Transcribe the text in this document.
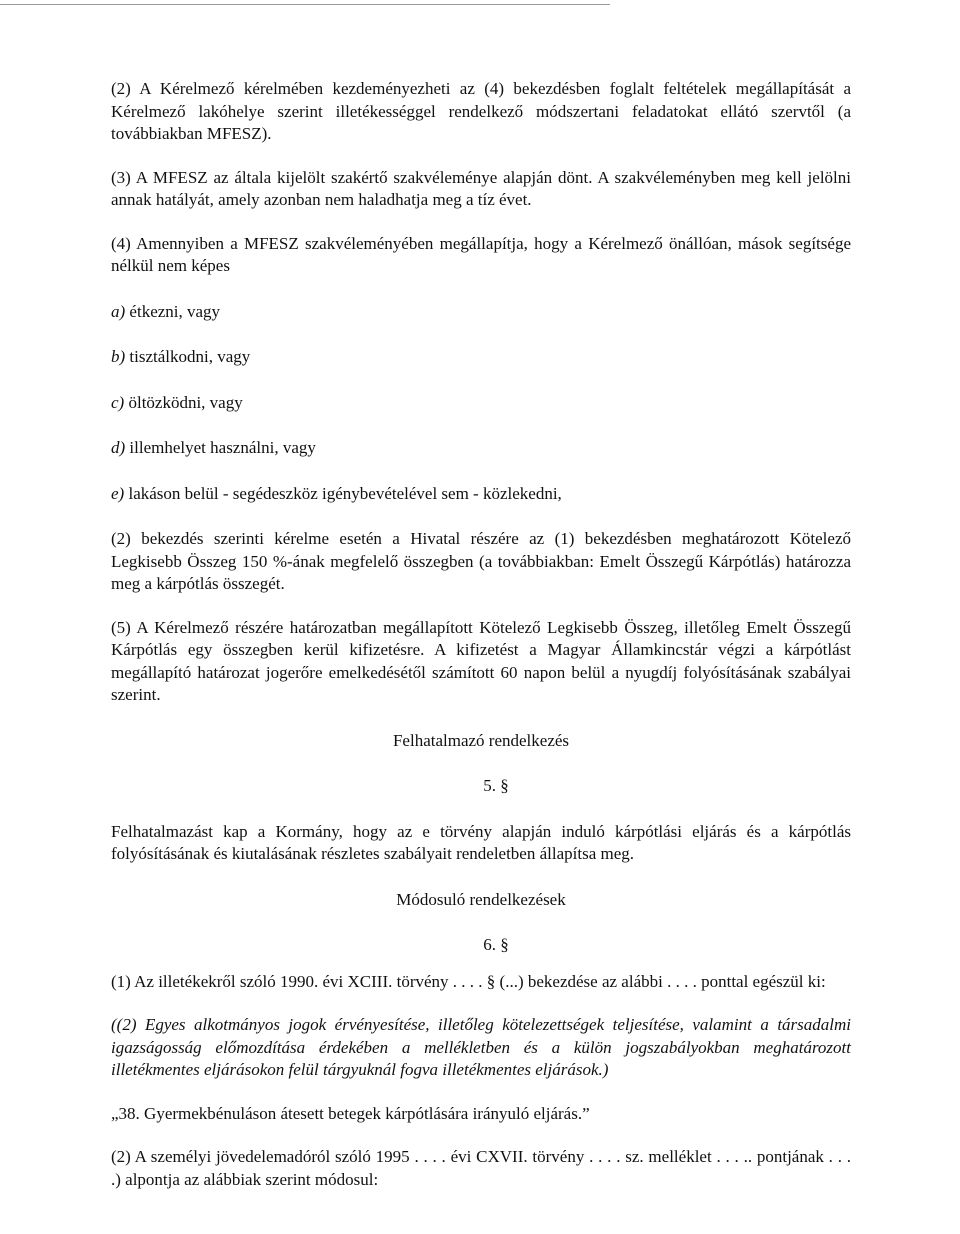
(2) A Kérelmező kérelmében kezdeményezheti az (4) bekezdésben foglalt feltételek megállapítását a Kérelmező lakóhelye szerint illetékességgel rendelkező módszertani feladatokat ellátó szervtől (a továbbiakban MFESZ).

(3) A MFESZ az általa kijelölt szakértő szakvéleménye alapján dönt. A szakvéleményben meg kell jelölni annak hatályát, amely azonban nem haladhatja meg a tíz évet.

(4) Amennyiben a MFESZ szakvéleményében megállapítja, hogy a Kérelmező önállóan, mások segítsége nélkül nem képes

a) étkezni, vagy

b) tisztálkodni, vagy

c) öltözködni, vagy

d) illemhelyet használni, vagy

e) lakáson belül - segédeszköz igénybevételével sem - közlekedni,

(2) bekezdés szerinti kérelme esetén a Hivatal részére az (1) bekezdésben meghatározott Kötelező Legkisebb Összeg 150 %-ának megfelelő összegben (a továbbiakban: Emelt Összegű Kárpótlás) határozza meg a kárpótlás összegét.

(5) A Kérelmező részére határozatban megállapított Kötelező Legkisebb Összeg, illetőleg Emelt Összegű Kárpótlás egy összegben kerül kifizetésre. A kifizetést a Magyar Államkincstár végzi a kárpótlást megállapító határozat jogerőre emelkedésétől számított 60 napon belül a nyugdíj folyósításának szabályai szerint.

Felhatalmazó rendelkezés

5. §

Felhatalmazást kap a Kormány, hogy az e törvény alapján induló kárpótlási eljárás és a kárpótlás folyósításának és kiutalásának részletes szabályait rendeletben állapítsa meg.

Módosuló rendelkezések

6. §

(1) Az illetékekről szóló 1990. évi XCIII. törvény . . . . § (...) bekezdése az alábbi . . . . ponttal egészül ki:

((2) Egyes alkotmányos jogok érvényesítése, illetőleg kötelezettségek teljesítése, valamint a társadalmi igazságosság előmozdítása érdekében a mellékletben és a külön jogszabályokban meghatározott illetékmentes eljárásokon felül tárgyuknál fogva illetékmentes eljárások.)

„38. Gyermekbénuláson átesett betegek kárpótlására irányuló eljárás.”

(2) A személyi jövedelemadóról szóló 1995 . . . . évi CXVII. törvény . . . . sz. melléklet . . . .. pontjának . . . .) alpontja az alábbiak szerint módosul:
